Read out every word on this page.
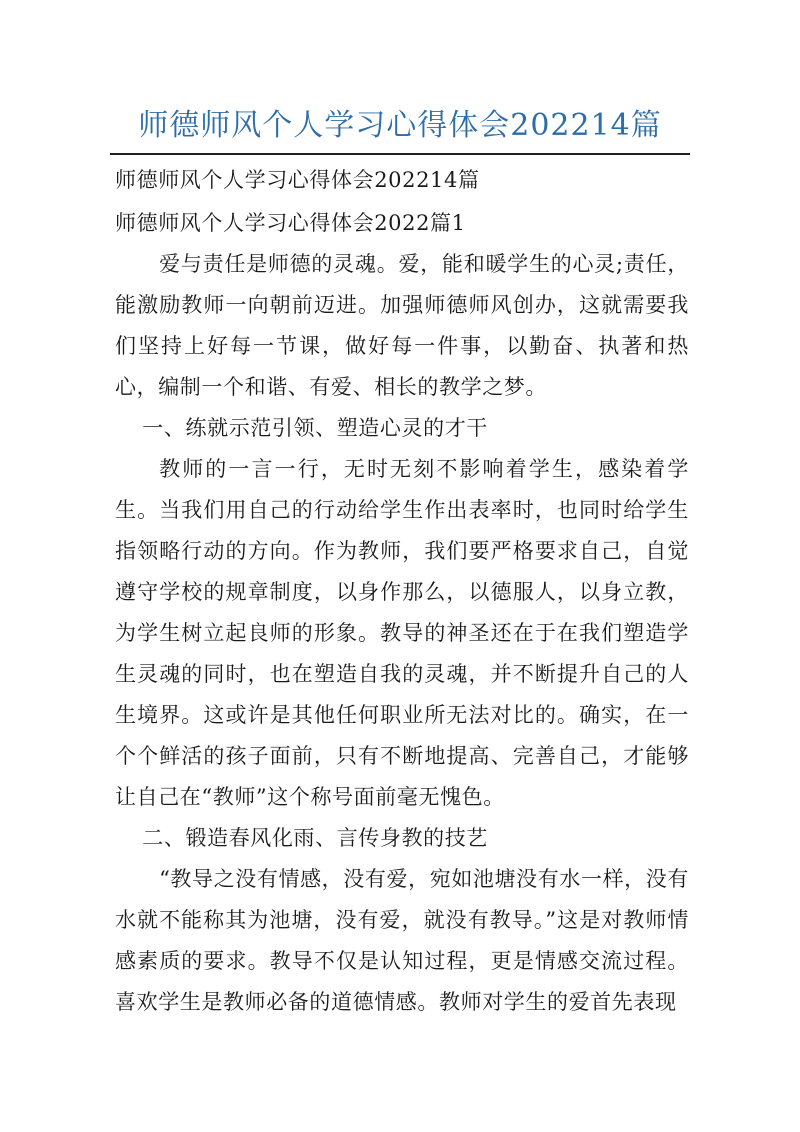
师德师风个人学习心得体会202214篇

师德师风个人学习心得体会202214篇

师德师风个人学习心得体会2022篇1

爱与责任是师德的灵魂。爱，能和暖学生的心灵;责任，能激励教师一向朝前迈进。加强师德师风创办，这就需要我们坚持上好每一节课，做好每一件事，以勤奋、执著和热心，编制一个和谐、有爱、相长的教学之梦。

一、练就示范引领、塑造心灵的才干

教师的一言一行，无时无刻不影响着学生，感染着学生。当我们用自己的行动给学生作出表率时，也同时给学生指领略行动的方向。作为教师，我们要严格要求自己，自觉遵守学校的规章制度，以身作那么，以德服人，以身立教，为学生树立起良师的形象。教导的神圣还在于在我们塑造学生灵魂的同时，也在塑造自我的灵魂，并不断提升自己的人生境界。这或许是其他任何职业所无法对比的。确实，在一个个鲜活的孩子面前，只有不断地提高、完善自己，才能够让自己在“教师”这个称号面前毫无愧色。

二、锻造春风化雨、言传身教的技艺

“教导之没有情感，没有爱，宛如池塘没有水一样，没有水就不能称其为池塘，没有爱，就没有教导。”这是对教师情感素质的要求。教导不仅是认知过程，更是情感交流过程。喜欢学生是教师必备的道德情感。教师对学生的爱首先表现
